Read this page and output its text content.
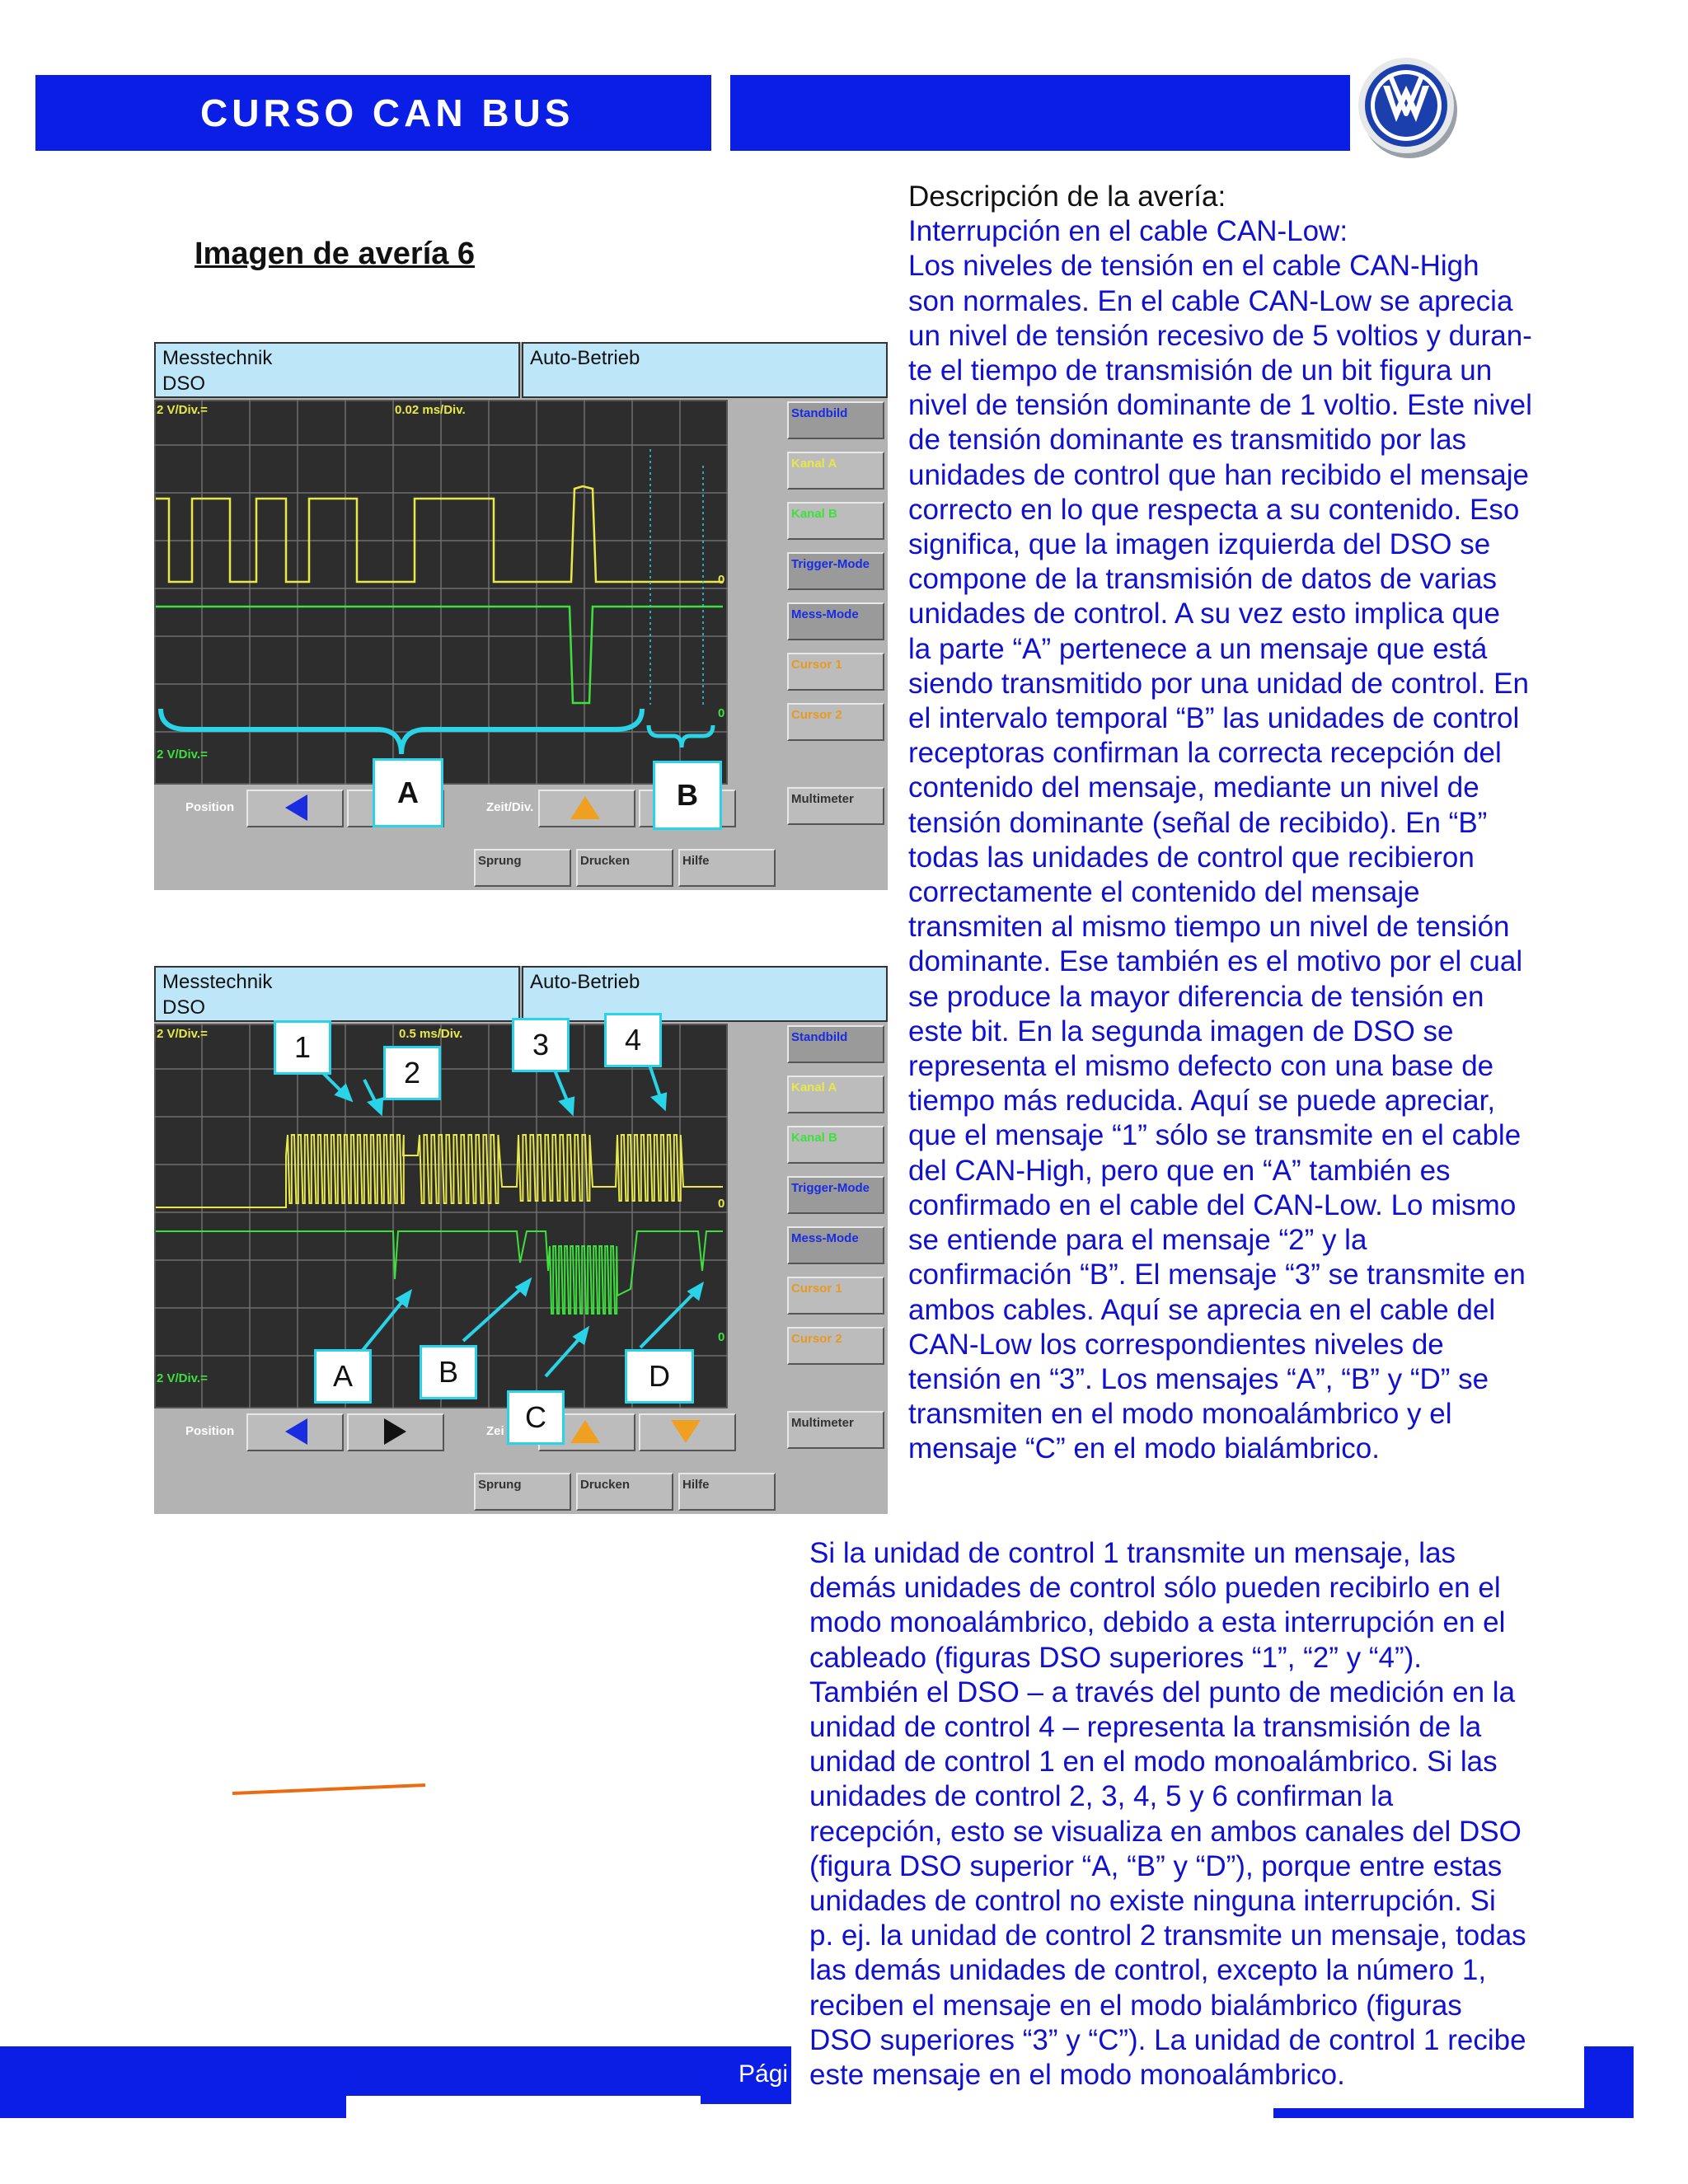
CURSO CAN BUS
Imagen de avería 6
Descripción de la avería:
Interrupción en el cable CAN-Low:
Los niveles de tensión en el cable CAN-High
son normales. En el cable CAN-Low se aprecia
un nivel de tensión recesivo de 5 voltios y duran-
te el tiempo de transmisión de un bit figura un
nivel de tensión dominante de 1 voltio. Este nivel
de tensión dominante es transmitido por las
unidades de control que han recibido el mensaje
correcto en lo que respecta a su contenido. Eso
significa, que la imagen izquierda del DSO se
compone de la transmisión de datos de varias
unidades de control. A su vez esto implica que
la parte “A” pertenece a un mensaje que está
siendo transmitido por una unidad de control. En
el intervalo temporal “B” las unidades de control
receptoras confirman la correcta recepción del
contenido del mensaje, mediante un nivel de
tensión dominante (señal de recibido). En “B”
todas las unidades de control que recibieron
correctamente el contenido del mensaje
transmiten al mismo tiempo un nivel de tensión
dominante. Ese también es el motivo por el cual
se produce la mayor diferencia de tensión en
este bit. En la segunda imagen de DSO se
representa el mismo defecto con una base de
tiempo más reducida. Aquí se puede apreciar,
que el mensaje “1” sólo se transmite en el cable
del CAN-High, pero que en “A” también es
confirmado en el cable del CAN-Low. Lo mismo
se entiende para el mensaje “2” y la
confirmación “B”. El mensaje “3” se transmite en
ambos cables. Aquí se aprecia en el cable del
CAN-Low los correspondientes niveles de
tensión en “3”. Los mensajes “A”, “B” y “D” se
transmiten en el modo monoalámbrico y el
mensaje “C” en el modo bialámbrico.
Messtechnik
DSO
Auto-Betrieb
2 V/Div.=	0.02 ms/Div.
2 V/Div.=
0
0
Standbild
Kanal A
Kanal B
Trigger-Mode
Mess-Mode
Cursor 1
Cursor 2
Multimeter
Position	Zeit/Div.
Sprung	Drucken	Hilfe
A	B
Messtechnik
DSO
Auto-Betrieb
2 V/Div.=	0.5 ms/Div.
2 V/Div.=
0
0
Standbild
Kanal A
Kanal B
Trigger-Mode
Mess-Mode
Cursor 1
Cursor 2
Multimeter
Position	Zei
Sprung	Drucken	Hilfe
1
2
3	4
A	B
C
D
Pági
Si la unidad de control 1 transmite un mensaje, las
demás unidades de control sólo pueden recibirlo en el
modo monoalámbrico, debido a esta interrupción en el
cableado (figuras DSO superiores “1”, “2” y “4”).
También el DSO – a través del punto de medición en la
unidad de control 4 – representa la transmisión de la
unidad de control 1 en el modo monoalámbrico. Si las
unidades de control 2, 3, 4, 5 y 6 confirman la
recepción, esto se visualiza en ambos canales del DSO
(figura DSO superior “A, “B” y “D”), porque entre estas
unidades de control no existe ninguna interrupción. Si
p. ej. la unidad de control 2 transmite un mensaje, todas
las demás unidades de control, excepto la número 1,
reciben el mensaje en el modo bialámbrico (figuras
DSO superiores “3” y “C”). La unidad de control 1 recibe
este mensaje en el modo monoalámbrico.
